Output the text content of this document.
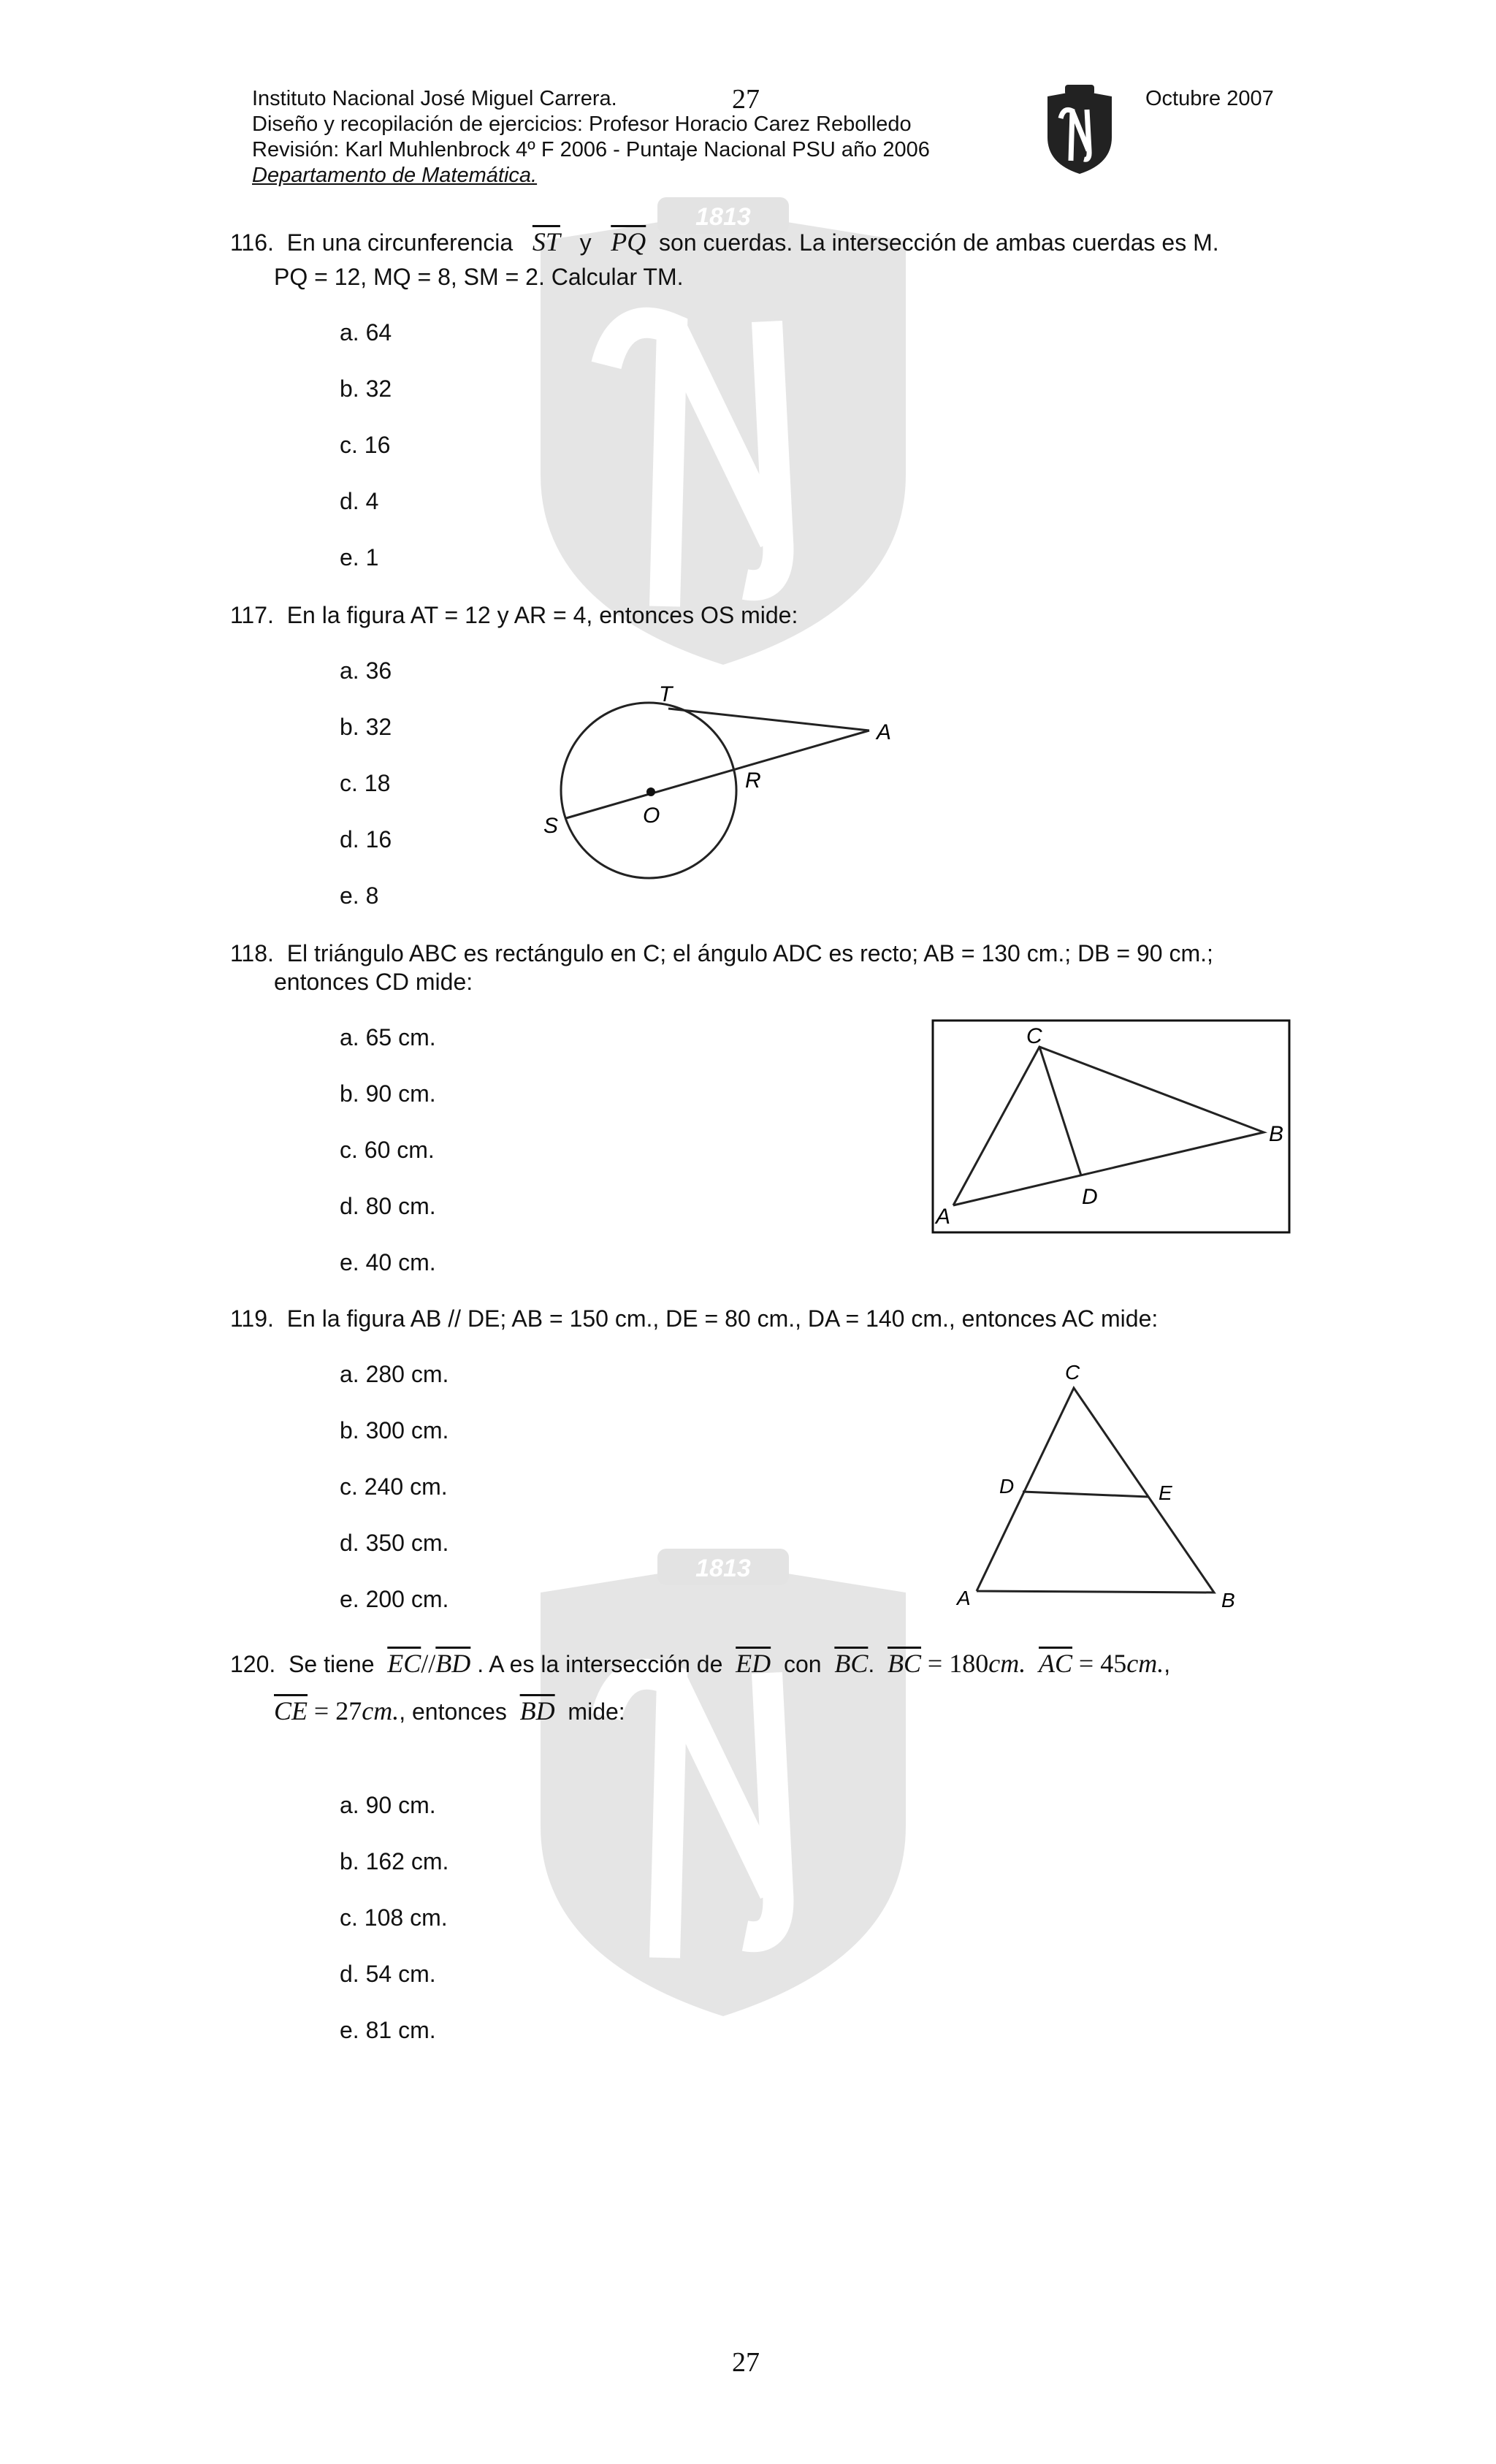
1813
1813
Instituto Nacional José Miguel Carrera.	27
Diseño y recopilación de ejercicios: Profesor Horacio Carez Rebolledo
Revisión: Karl Muhlenbrock 4º F 2006 - Puntaje Nacional PSU año 2006
Departamento de Matemática.
Octubre 2007
116. En una circunferencia $\overline{ST}$ y $\overline{PQ}$ son cuerdas. La intersección de ambas cuerdas es M.
PQ = 12, MQ = 8, SM = 2. Calcular TM.
a. 64
b. 32
c. 16
d. 4
e. 1
117. En la figura AT = 12 y AR = 4, entonces OS mide:
a. 36
b. 32
c. 18
d. 16
e. 8
T
A
R
O
S
118. El triángulo ABC es rectángulo en C; el ángulo ADC es recto; AB = 130 cm.; DB = 90 cm.;
entonces CD mide:
a. 65 cm.
b. 90 cm.
c. 60 cm.
d. 80 cm.
e. 40 cm.
C
B
A
D
119. En la figura AB // DE; AB = 150 cm., DE = 80 cm., DA = 140 cm., entonces AC mide:
a. 280 cm.
b. 300 cm.
c. 240 cm.
d. 350 cm.
e. 200 cm.
C
D	E
A	B
120. Se tiene $\overline{EC}//\overline{BD}$ . A es la intersección de $\overline{ED}$ con $\overline{BC}$. $\overline{BC} = 180cm$. $\overline{AC} = 45cm$.,
$\overline{CE} = 27cm$., entonces $\overline{BD}$ mide:
a. 90 cm.
b. 162 cm.
c. 108 cm.
d. 54 cm.
e. 81 cm.
27
